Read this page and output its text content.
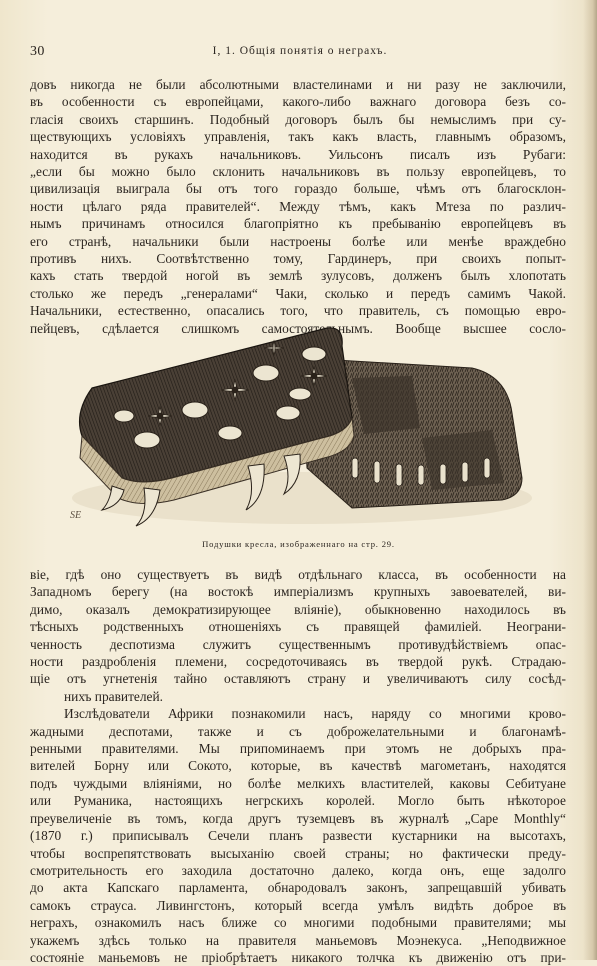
30	I, 1. Общія понятія о неграхъ.
довъ никогда не были абсолютными властелинами и ни разу не заключили,
въ особенности съ европейцами, какого-либо важнаго договора безъ со-
гласія своихъ старшинъ. Подобный договоръ былъ бы немыслимъ при су-
ществующихъ условіяхъ управленія, такъ какъ власть, главнымъ образомъ,
находится въ рукахъ начальниковъ. Уильсонъ писалъ изъ Рубаги:
„если бы можно было склонить начальниковъ въ пользу европейцевъ, то
цивилизація выиграла бы отъ того гораздо больше, чѣмъ отъ благосклон-
ности цѣлаго ряда правителей“. Между тѣмъ, какъ Мтеза по различ-
нымъ причинамъ относился благопріятно къ пребыванію европейцевъ въ
его странѣ, начальники были настроены болѣе или менѣе враждебно
противъ нихъ. Соотвѣтственно тому, Гардинеръ, при своихъ попыт-
кахъ стать твердой ногой въ землѣ зулусовъ, долженъ былъ хлопотать
столько же передъ „генералами“ Чаки, сколько и передъ самимъ Чакой.
Начальники, естественно, опасались того, что правитель, съ помощью евро-
пейцевъ, сдѣлается слишкомъ самостоятельнымъ. Вообще высшее сосло-
SE
Подушки кресла, изображеннаго на стр. 29.
віе, гдѣ оно существуетъ въ видѣ отдѣльнаго класса, въ особенности на
Западномъ берегу (на востокѣ имперіализмъ крупныхъ завоевателей, ви-
димо, оказалъ демократизирующее вліяніе), обыкновенно находилось въ
тѣсныхъ родственныхъ отношеніяхъ съ правящей фамиліей. Неограни-
ченность деспотизма служитъ существеннымъ противудѣйствіемъ опас-
ности раздробленія племени, сосредоточиваясь въ твердой рукѣ. Страдаю-
щіе отъ угнетенія тайно оставляютъ страну и увеличиваютъ силу сосѣд-
нихъ правителей.
Изслѣдователи Африки познакомили насъ, наряду со многими крово-
жадными деспотами, также и съ доброжелательными и благонамѣ-
ренными правителями. Мы припоминаемъ при этомъ не добрыхъ пра-
вителей Борну или Сокото, которые, въ качествѣ магометанъ, находятся
подъ чуждыми вліяніями, но болѣе мелкихъ властителей, каковы Себитуане
или Руманика, настоящихъ негрскихъ королей. Могло быть нѣкоторое
преувеличеніе въ томъ, когда другъ туземцевъ въ журналѣ „Cape Monthly“
(1870 г.) приписывалъ Сечели планъ развести кустарники на высотахъ,
чтобы воспрепятствовать высыханію своей страны; но фактически преду-
смотрительность его заходила достаточно далеко, когда онъ, еще задолго
до акта Капскаго парламента, обнародовалъ законъ, запрещавшій убивать
самокъ страуса. Ливингстонъ, который всегда умѣлъ видѣть доброе въ
неграхъ, ознакомилъ насъ ближе со многими подобными правителями; мы
укажемъ здѣсь только на правителя маньемовъ Моэнекуса. „Неподвижное
состояніе маньемовъ не пріобрѣтаетъ никакого толчка къ движенію отъ при-
